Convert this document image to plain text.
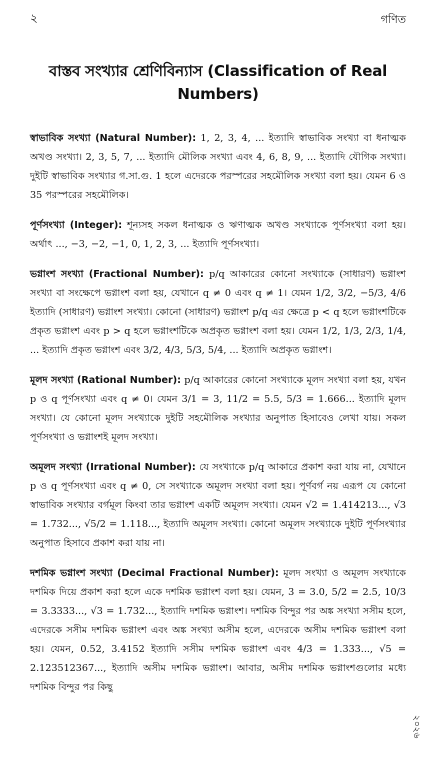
২	গণিত
বাস্তব সংখ্যার শ্রেণিবিন্যাস (Classification of Real Numbers)

স্বাভাবিক সংখ্যা (Natural Number): 1, 2, 3, 4, ... ইত্যাদি স্বাভাবিক সংখ্যা বা ধনাত্মক অখণ্ড সংখ্যা। 2, 3, 5, 7, ... ইত্যাদি মৌলিক সংখ্যা এবং 4, 6, 8, 9, ... ইত্যাদি যৌগিক সংখ্যা। দুইটি স্বাভাবিক সংখ্যার গ.সা.গু. 1 হলে এদেরকে পরস্পরের সহমৌলিক সংখ্যা বলা হয়। যেমন 6 ও 35 পরস্পরের সহমৌলিক।

পূর্ণসংখ্যা (Integer): শূন্যসহ সকল ধনাত্মক ও ঋণাত্মক অখণ্ড সংখ্যাকে পূর্ণসংখ্যা বলা হয়। অর্থাৎ ..., −3, −2, −1, 0, 1, 2, 3, ... ইত্যাদি পূর্ণসংখ্যা।

ভগ্নাংশ সংখ্যা (Fractional Number): p/q আকারের কোনো সংখ্যাকে (সাধারণ) ভগ্নাংশ সংখ্যা বা সংক্ষেপে ভগ্নাংশ বলা হয়, যেখানে q ≠ 0 এবং q ≠ 1। যেমন 1/2, 3/2, −5/3, 4/6 ইত্যাদি (সাধারণ) ভগ্নাংশ সংখ্যা। কোনো (সাধারণ) ভগ্নাংশ p/q এর ক্ষেত্রে p < q হলে ভগ্নাংশটিকে প্রকৃত ভগ্নাংশ এবং p > q হলে ভগ্নাংশটিকে অপ্রকৃত ভগ্নাংশ বলা হয়। যেমন 1/2, 1/3, 2/3, 1/4, ... ইত্যাদি প্রকৃত ভগ্নাংশ এবং 3/2, 4/3, 5/3, 5/4, ... ইত্যাদি অপ্রকৃত ভগ্নাংশ।

মূলদ সংখ্যা (Rational Number): p/q আকারের কোনো সংখ্যাকে মূলদ সংখ্যা বলা হয়, যখন p ও q পূর্ণসংখ্যা এবং q ≠ 0। যেমন 3/1 = 3, 11/2 = 5.5, 5/3 = 1.666... ইত্যাদি মূলদ সংখ্যা। যে কোনো মূলদ সংখ্যাকে দুইটি সহমৌলিক সংখ্যার অনুপাত হিসাবেও লেখা যায়। সকল পূর্ণসংখ্যা ও ভগ্নাংশই মূলদ সংখ্যা।

অমূলদ সংখ্যা (Irrational Number): যে সংখ্যাকে p/q আকারে প্রকাশ করা যায় না, যেখানে p ও q পূর্ণসংখ্যা এবং q ≠ 0, সে সংখ্যাকে অমূলদ সংখ্যা বলা হয়। পূর্ণবর্গ নয় এরূপ যে কোনো স্বাভাবিক সংখ্যার বর্গমূল কিংবা তার ভগ্নাংশ একটি অমূলদ সংখ্যা। যেমন √2 = 1.414213..., √3 = 1.732..., √5/2 = 1.118..., ইত্যাদি অমূলদ সংখ্যা। কোনো অমূলদ সংখ্যাকে দুইটি পূর্ণসংখ্যার অনুপাত হিসাবে প্রকাশ করা যায় না।

দশমিক ভগ্নাংশ সংখ্যা (Decimal Fractional Number): মূলদ সংখ্যা ও অমূলদ সংখ্যাকে দশমিক দিয়ে প্রকাশ করা হলে একে দশমিক ভগ্নাংশ বলা হয়। যেমন, 3 = 3.0, 5/2 = 2.5, 10/3 = 3.3333..., √3 = 1.732..., ইত্যাদি দশমিক ভগ্নাংশ। দশমিক বিন্দুর পর অঙ্ক সংখ্যা সসীম হলে, এদেরকে সসীম দশমিক ভগ্নাংশ এবং অঙ্ক সংখ্যা অসীম হলে, এদেরকে অসীম দশমিক ভগ্নাংশ বলা হয়। যেমন, 0.52, 3.4152 ইত্যাদি সসীম দশমিক ভগ্নাংশ এবং 4/3 = 1.333..., √5 = 2.123512367..., ইত্যাদি অসীম দশমিক ভগ্নাংশ। আবার, অসীম দশমিক ভগ্নাংশগুলোর মধ্যে দশমিক বিন্দুর পর কিছু

২০২৬
